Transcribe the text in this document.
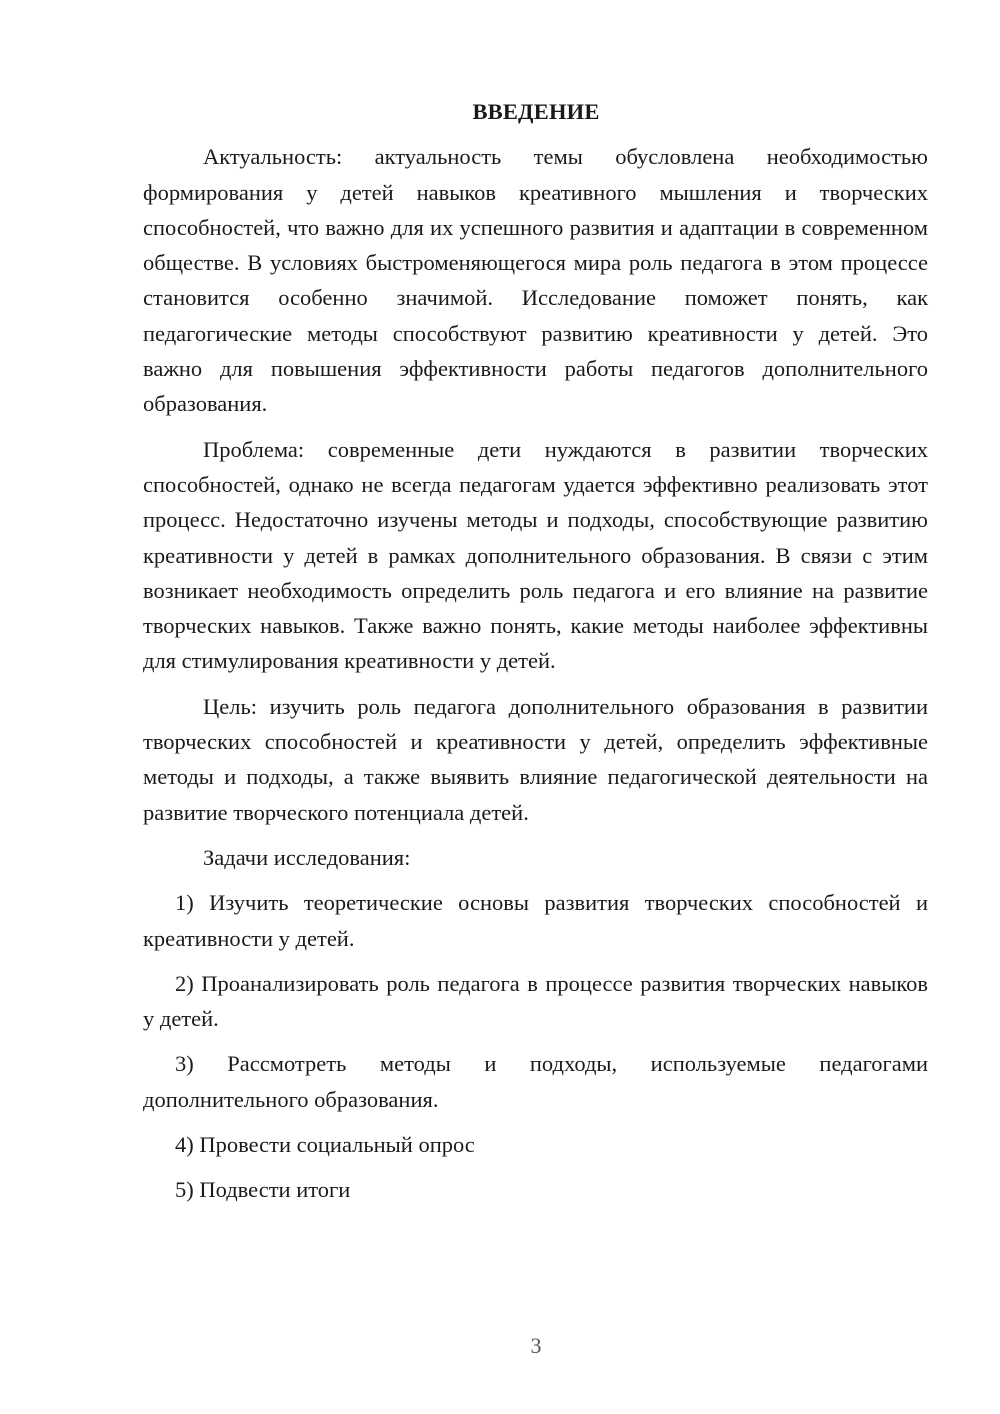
ВВЕДЕНИЕ

Актуальность: актуальность темы обусловлена необходимостью формирования у детей навыков креативного мышления и творческих способностей, что важно для их успешного развития и адаптации в современном обществе. В условиях быстроменяющегося мира роль педагога в этом процессе становится особенно значимой. Исследование поможет понять, как педагогические методы способствуют развитию креативности у детей. Это важно для повышения эффективности работы педагогов дополнительного образования.

Проблема: современные дети нуждаются в развитии творческих способностей, однако не всегда педагогам удается эффективно реализовать этот процесс. Недостаточно изучены методы и подходы, способствующие развитию креативности у детей в рамках дополнительного образования. В связи с этим возникает необходимость определить роль педагога и его влияние на развитие творческих навыков. Также важно понять, какие методы наиболее эффективны для стимулирования креативности у детей.

Цель: изучить роль педагога дополнительного образования в развитии творческих способностей и креативности у детей, определить эффективные методы и подходы, а также выявить влияние педагогической деятельности на развитие творческого потенциала детей.

Задачи исследования:

1) Изучить теоретические основы развития творческих способностей и креативности у детей.

2) Проанализировать роль педагога в процессе развития творческих навыков у детей.

3) Рассмотреть методы и подходы, используемые педагогами дополнительного образования.

4) Провести социальный опрос

5) Подвести итоги

3
